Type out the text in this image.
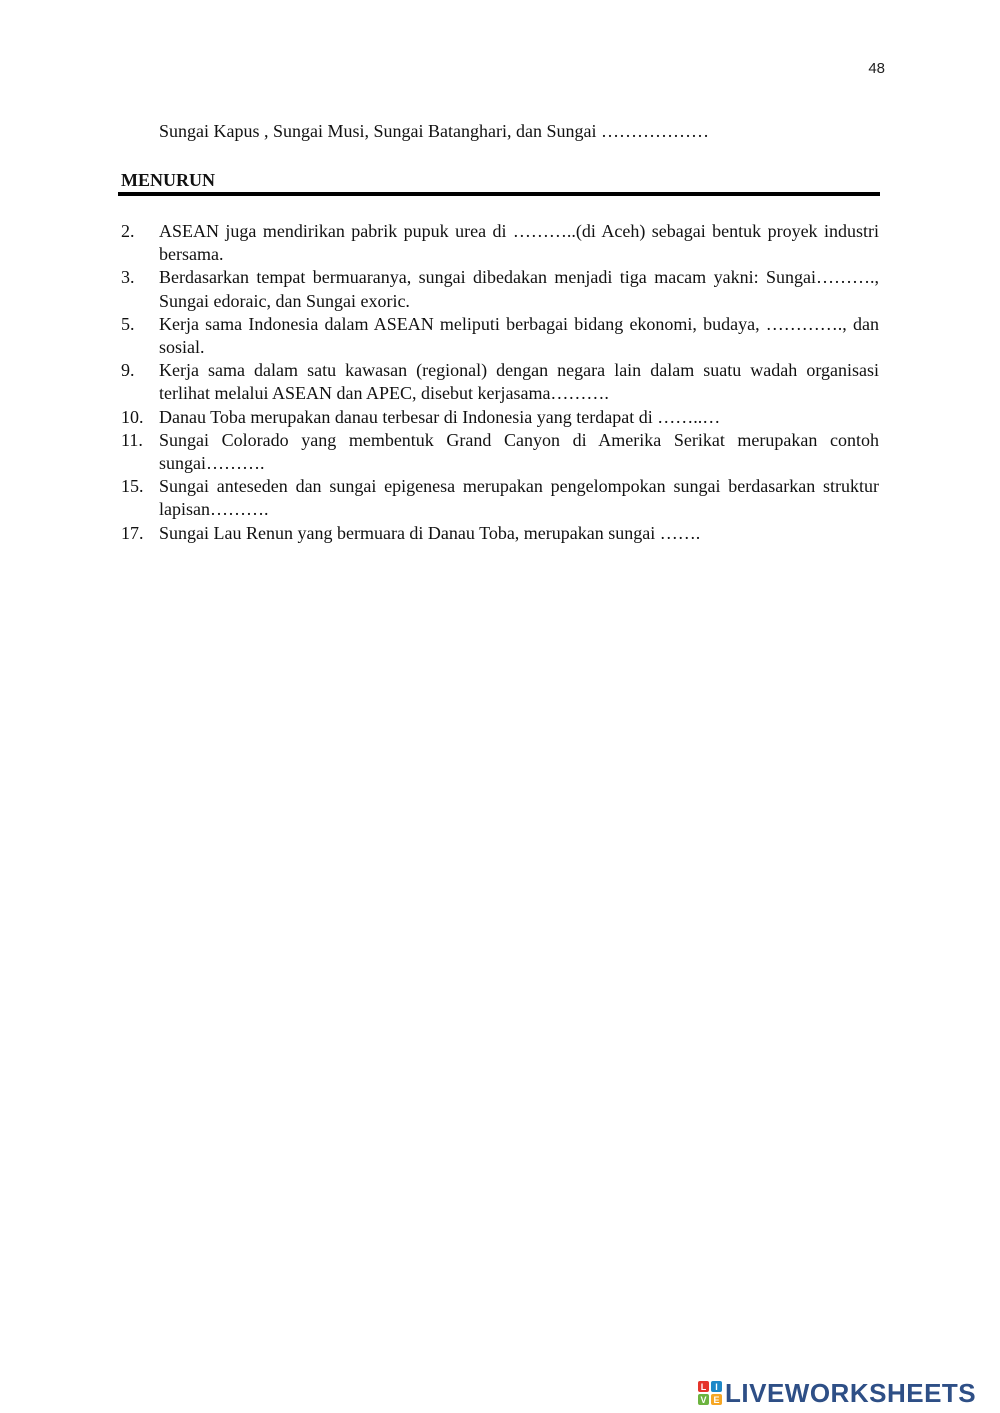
48
Sungai Kapus , Sungai Musi, Sungai Batanghari, dan Sungai ………………
MENURUN
2.	ASEAN juga mendirikan pabrik pupuk urea di ………..(di Aceh) sebagai bentuk proyek industri bersama.
3.	Berdasarkan tempat bermuaranya, sungai dibedakan menjadi tiga macam yakni: Sungai………., Sungai edoraic, dan Sungai exoric.
5.	Kerja sama Indonesia dalam ASEAN meliputi berbagai bidang ekonomi, budaya, …………., dan sosial.
9.	Kerja sama dalam satu kawasan (regional) dengan negara lain dalam suatu wadah organisasi terlihat melalui ASEAN dan APEC, disebut kerjasama……….
10. Danau Toba merupakan danau terbesar di Indonesia yang terdapat di ……..…
11. Sungai Colorado yang membentuk Grand Canyon di Amerika Serikat merupakan contoh sungai……….
15. Sungai anteseden dan sungai epigenesa merupakan pengelompokan sungai berdasarkan struktur lapisan……….
17. Sungai Lau Renun yang bermuara di Danau Toba, merupakan sungai …….
L I
V E LIVEWORKSHEETS
